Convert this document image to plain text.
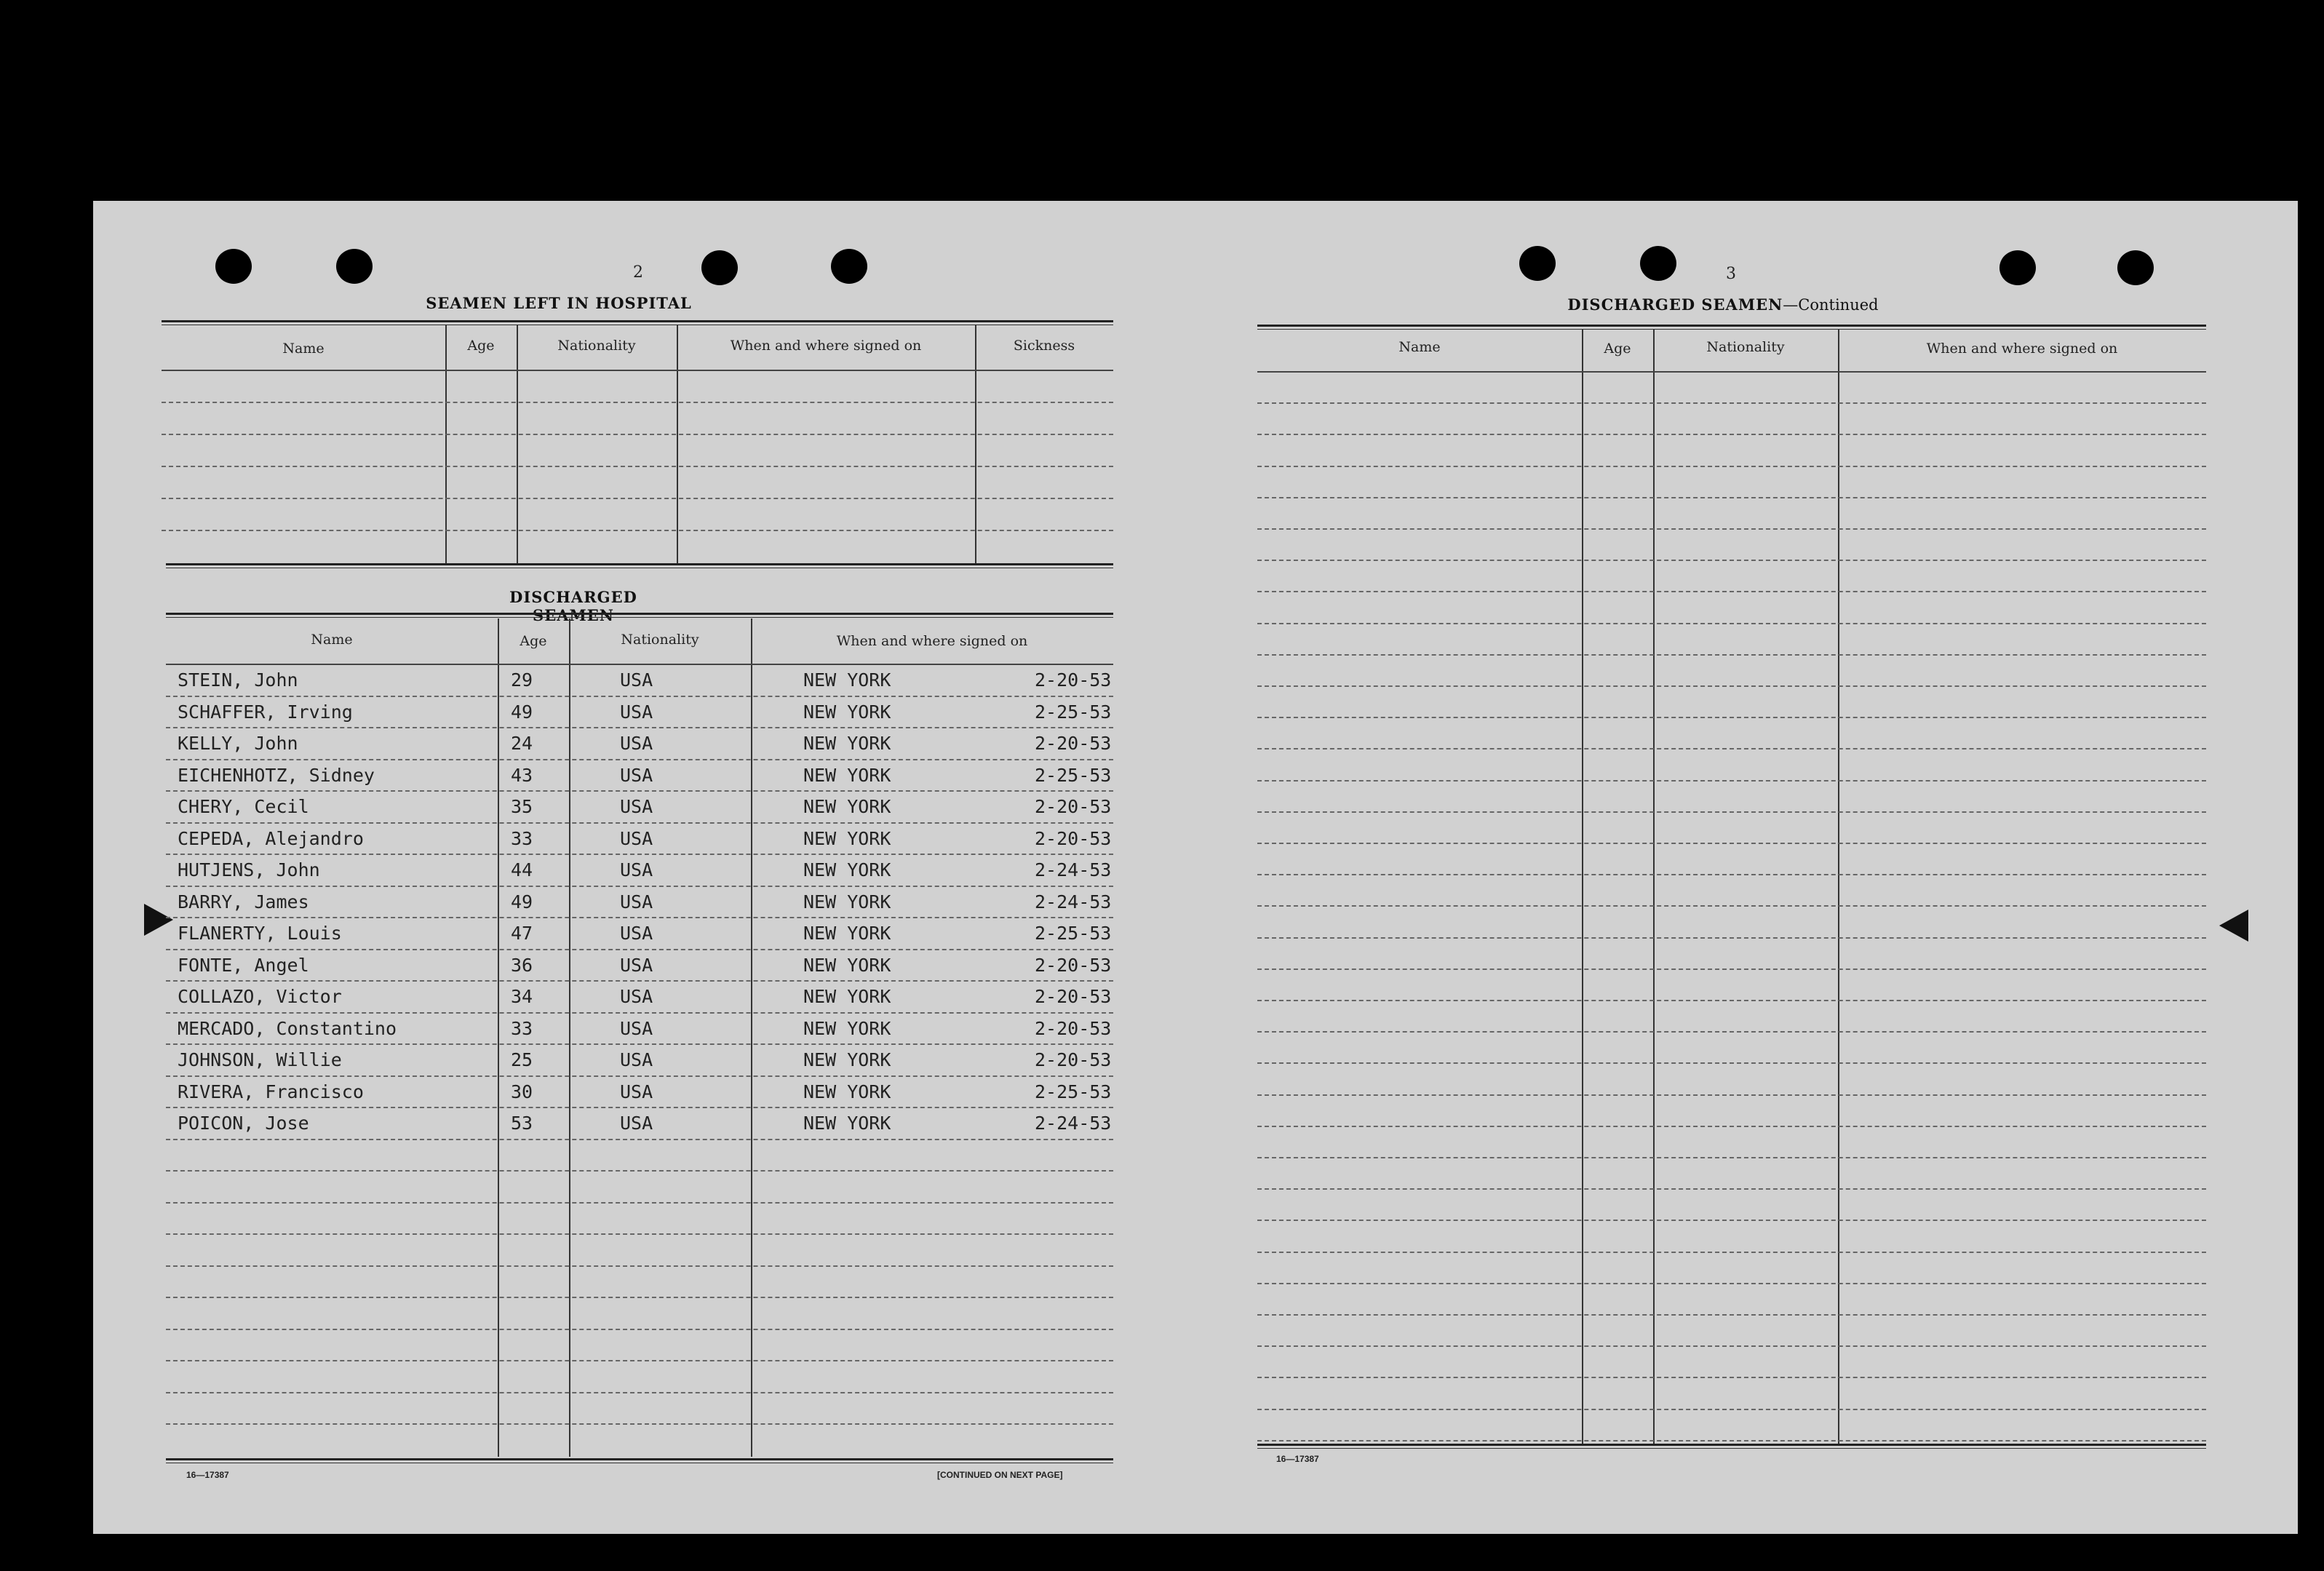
2
SEAMEN LEFT IN HOSPITAL
Name	Age	Nationality	When and where signed on	Sickness
DISCHARGED SEAMEN
Name	Age	Nationality	When and where signed on
STEIN, John	29	USA	NEW YORK	2-20-53
SCHAFFER, Irving	49	USA	NEW YORK	2-25-53
KELLY, John	24	USA	NEW YORK	2-20-53
EICHENHOTZ, Sidney	43	USA	NEW YORK	2-25-53
CHERY, Cecil	35	USA	NEW YORK	2-20-53
CEPEDA, Alejandro	33	USA	NEW YORK	2-20-53
HUTJENS, John	44	USA	NEW YORK	2-24-53
BARRY, James	49	USA	NEW YORK	2-24-53
FLANERTY, Louis	47	USA	NEW YORK	2-25-53
FONTE, Angel	36	USA	NEW YORK	2-20-53
COLLAZO, Victor	34	USA	NEW YORK	2-20-53
MERCADO, Constantino	33	USA	NEW YORK	2-20-53
JOHNSON, Willie	25	USA	NEW YORK	2-20-53
RIVERA, Francisco	30	USA	NEW YORK	2-25-53
POICON, Jose	53	USA	NEW YORK	2-24-53
16—17387	[CONTINUED ON NEXT PAGE]
3
DISCHARGED SEAMEN—Continued
Name	Age	Nationality	When and where signed on
16—17387
